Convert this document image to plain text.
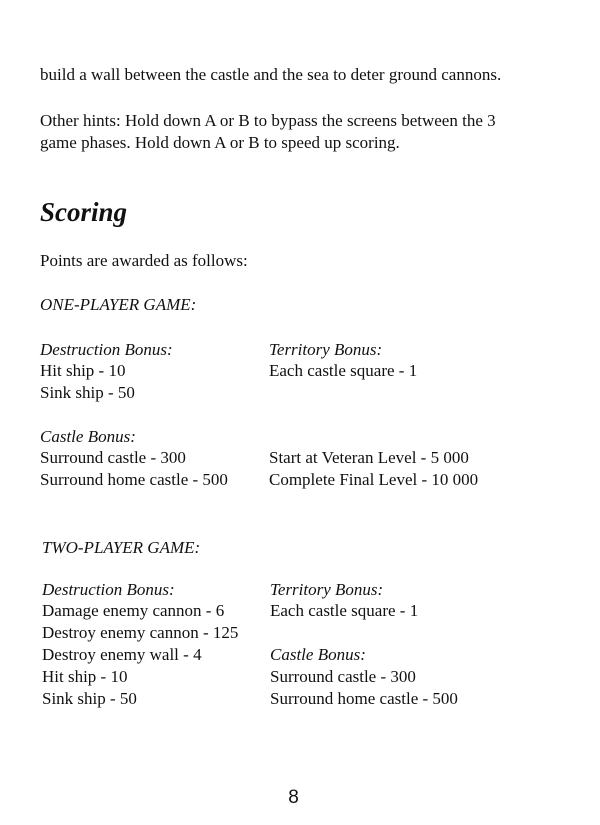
build a wall between the castle and the sea to deter ground cannons.
Other hints: Hold down A or B to bypass the screens between the 3
game phases. Hold down A or B to speed up scoring.
Scoring
Points are awarded as follows:
ONE-PLAYER GAME:
Destruction Bonus:
Hit ship - 10
Sink ship - 50
Territory Bonus:
Each castle square - 1
Castle Bonus:
Surround castle - 300
Surround home castle - 500
Start at Veteran Level - 5 000
Complete Final Level - 10 000
TWO-PLAYER GAME:
Destruction Bonus:
Damage enemy cannon - 6
Destroy enemy cannon - 125
Destroy enemy wall - 4
Hit ship - 10
Sink ship - 50
Territory Bonus:
Each castle square - 1
Castle Bonus:
Surround castle - 300
Surround home castle - 500
8
